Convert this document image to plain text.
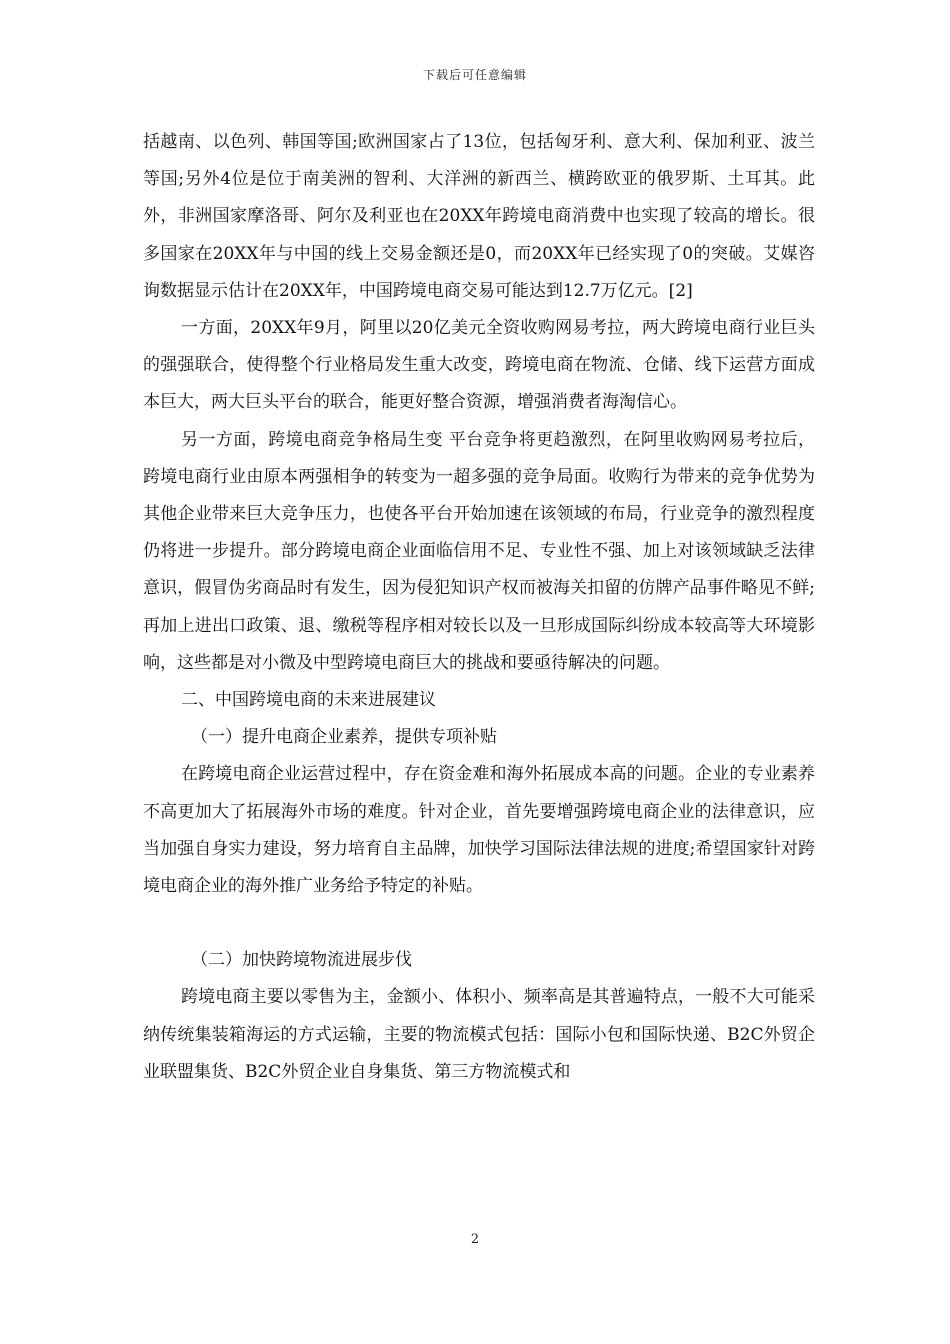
下载后可任意编辑

括越南、以色列、韩国等国;欧洲国家占了13位，包括匈牙利、意大利、保加利亚、波兰等国;另外4位是位于南美洲的智利、大洋洲的新西兰、横跨欧亚的俄罗斯、土耳其。此外，非洲国家摩洛哥、阿尔及利亚也在20XX年跨境电商消费中也实现了较高的增长。很多国家在20XX年与中国的线上交易金额还是0，而20XX年已经实现了0的突破。艾媒咨询数据显示估计在20XX年，中国跨境电商交易可能达到12.7万亿元。[2]

一方面，20XX年9月，阿里以20亿美元全资收购网易考拉，两大跨境电商行业巨头的强强联合，使得整个行业格局发生重大改变，跨境电商在物流、仓储、线下运营方面成本巨大，两大巨头平台的联合，能更好整合资源，增强消费者海淘信心。

另一方面，跨境电商竞争格局生变 平台竞争将更趋激烈，在阿里收购网易考拉后，跨境电商行业由原本两强相争的转变为一超多强的竞争局面。收购行为带来的竞争优势为其他企业带来巨大竞争压力，也使各平台开始加速在该领域的布局，行业竞争的激烈程度仍将进一步提升。部分跨境电商企业面临信用不足、专业性不强、加上对该领域缺乏法律意识，假冒伪劣商品时有发生，因为侵犯知识产权而被海关扣留的仿牌产品事件略见不鲜;再加上进出口政策、退、缴税等程序相对较长以及一旦形成国际纠纷成本较高等大环境影响，这些都是对小微及中型跨境电商巨大的挑战和要亟待解决的问题。

二、中国跨境电商的未来进展建议

（一）提升电商企业素养，提供专项补贴

在跨境电商企业运营过程中，存在资金难和海外拓展成本高的问题。企业的专业素养不高更加大了拓展海外市场的难度。针对企业，首先要增强跨境电商企业的法律意识，应当加强自身实力建设，努力培育自主品牌，加快学习国际法律法规的进度;希望国家针对跨境电商企业的海外推广业务给予特定的补贴。

（二）加快跨境物流进展步伐

跨境电商主要以零售为主，金额小、体积小、频率高是其普遍特点，一般不大可能采纳传统集装箱海运的方式运输，主要的物流模式包括：国际小包和国际快递、B2C外贸企业联盟集货、B2C外贸企业自身集货、第三方物流模式和

2
